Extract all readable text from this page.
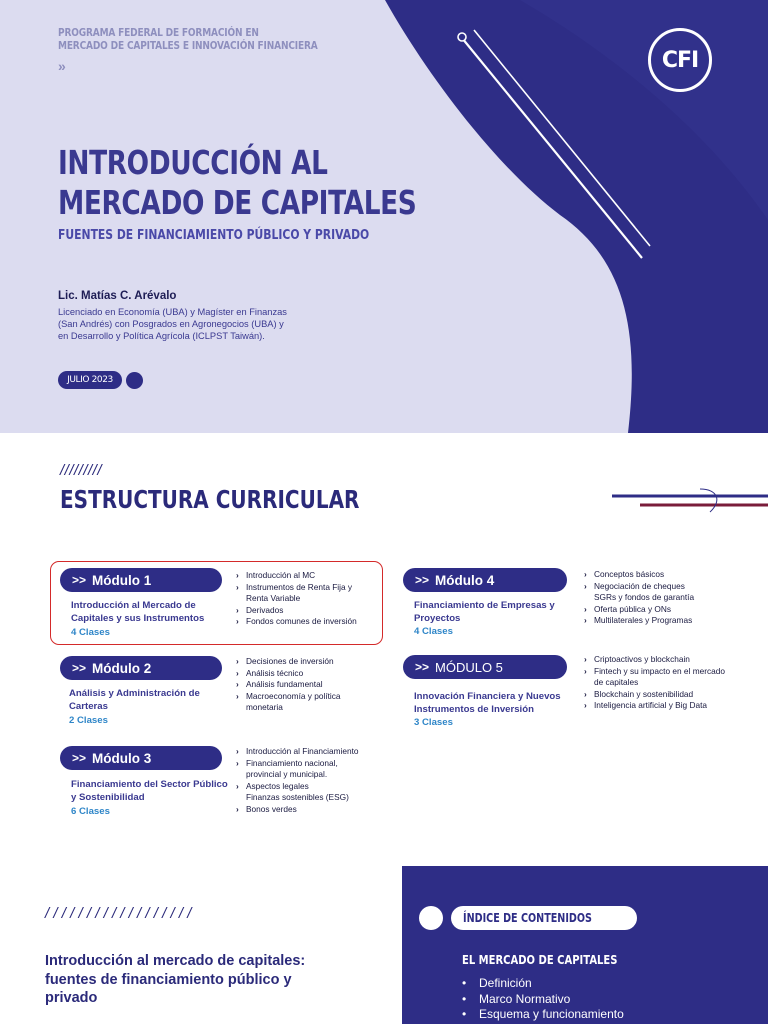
PROGRAMA FEDERAL DE FORMACIÓN EN
MERCADO DE CAPITALES E INNOVACIÓN FINANCIERA
»
INTRODUCCIÓN AL
MERCADO DE CAPITALES
FUENTES DE FINANCIAMIENTO PÚBLICO Y PRIVADO
Lic. Matías C. Arévalo
Licenciado en Economía (UBA) y Magíster en Finanzas
(San Andrés) con Posgrados en Agronegocios (UBA) y
en Desarrollo y Política Agrícola (ICLPST Taiwán).
JULIO 2023
CFI
/////////
ESTRUCTURA CURRICULAR
>> Módulo 1
Introducción al Mercado de
Capitales y sus Instrumentos
4 Clases
› Introducción al MC
› Instrumentos de Renta Fija y
Renta Variable
› Derivados
› Fondos comunes de inversión
>> Módulo 2
Análisis y Administración de
Carteras
2 Clases
› Decisiones de inversión
› Análisis técnico
› Análisis fundamental
› Macroeconomía y política
monetaria
>> Módulo 3
Financiamiento del Sector Público
y Sostenibilidad
6 Clases
› Introducción al Financiamiento
› Financiamiento nacional,
provincial y municipal.
› Aspectos legales
Finanzas sostenibles (ESG)
› Bonos verdes
>> Módulo 4
Financiamiento de Empresas y
Proyectos
4 Clases
› Conceptos básicos
› Negociación de cheques
SGRs y fondos de garantía
› Oferta pública y ONs
› Multilaterales y Programas
>> MÓDULO 5
Innovación Financiera y Nuevos
Instrumentos de Inversión
3 Clases
› Criptoactivos y blockchain
› Fintech y su impacto en el mercado
de capitales
› Blockchain y sostenibilidad
› Inteligencia artificial y Big Data
//////////////////
Introducción al mercado de capitales:
fuentes de financiamiento público y
privado
ÍNDICE DE CONTENIDOS
EL MERCADO DE CAPITALES
• Definición
• Marco Normativo
• Esquema y funcionamiento
